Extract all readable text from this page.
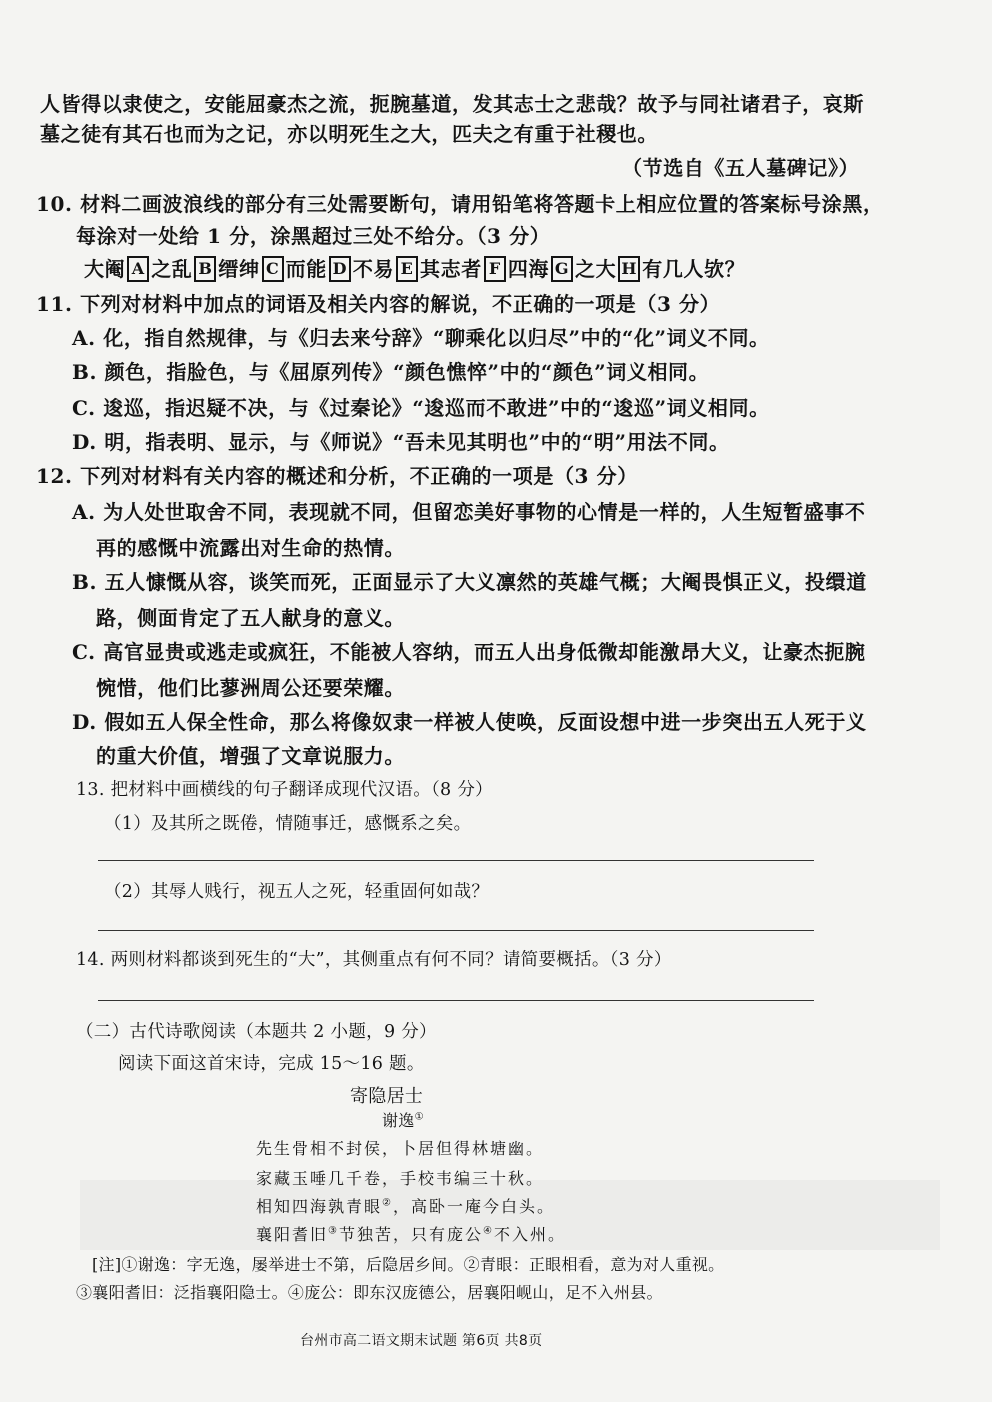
人皆得以隶使之，安能屈豪杰之流，扼腕墓道，发其志士之悲哉？故予与同社诸君子，哀斯
墓之徒有其石也而为之记，亦以明死生之大，匹夫之有重于社稷也。
（节选自《五人墓碑记》）
10. 材料二画波浪线的部分有三处需要断句，请用铅笔将答题卡上相应位置的答案标号涂黑，
每涂对一处给 1 分，涂黑超过三处不给分。（3 分）
大阉 A 之乱 B 缙绅 C 而能 D 不易 E 其志者 F 四海 G 之大 H 有几人欤？
11. 下列对材料中加点的词语及相关内容的解说，不正确的一项是（3 分）
A. 化，指自然规律，与《归去来兮辞》“聊乘化以归尽”中的“化”词义不同。
B. 颜色，指脸色，与《屈原列传》“颜色憔悴”中的“颜色”词义相同。
C. 逡巡，指迟疑不决，与《过秦论》“逡巡而不敢进”中的“逡巡”词义相同。
D. 明，指表明、显示，与《师说》“吾未见其明也”中的“明”用法不同。
12. 下列对材料有关内容的概述和分析，不正确的一项是（3 分）
A. 为人处世取舍不同，表现就不同，但留恋美好事物的心情是一样的，人生短暂盛事不
再的感慨中流露出对生命的热情。
B. 五人慷慨从容，谈笑而死，正面显示了大义凛然的英雄气概；大阉畏惧正义，投缳道
路，侧面肯定了五人献身的意义。
C. 高官显贵或逃走或疯狂，不能被人容纳，而五人出身低微却能激昂大义，让豪杰扼腕
惋惜，他们比蓼洲周公还要荣耀。
D. 假如五人保全性命，那么将像奴隶一样被人使唤，反面设想中进一步突出五人死于义
的重大价值，增强了文章说服力。
13. 把材料中画横线的句子翻译成现代汉语。（8 分）
（1）及其所之既倦，情随事迁，感慨系之矣。
（2）其辱人贱行，视五人之死，轻重固何如哉？
14. 两则材料都谈到死生的“大”，其侧重点有何不同？请简要概括。（3 分）
（二）古代诗歌阅读（本题共 2 小题，9 分）
阅读下面这首宋诗，完成 15～16 题。
寄隐居士
谢逸①
先生骨相不封侯，卜居但得林塘幽。
家藏玉唾几千卷，手校韦编三十秋。
相知四海孰青眼②，高卧一庵今白头。
襄阳耆旧③节独苦，只有庞公④不入州。
[注]①谢逸：字无逸，屡举进士不第，后隐居乡间。②青眼：正眼相看，意为对人重视。
③襄阳耆旧：泛指襄阳隐士。④庞公：即东汉庞德公，居襄阳岘山，足不入州县。
台州市高二语文期末试题 第6页 共8页
